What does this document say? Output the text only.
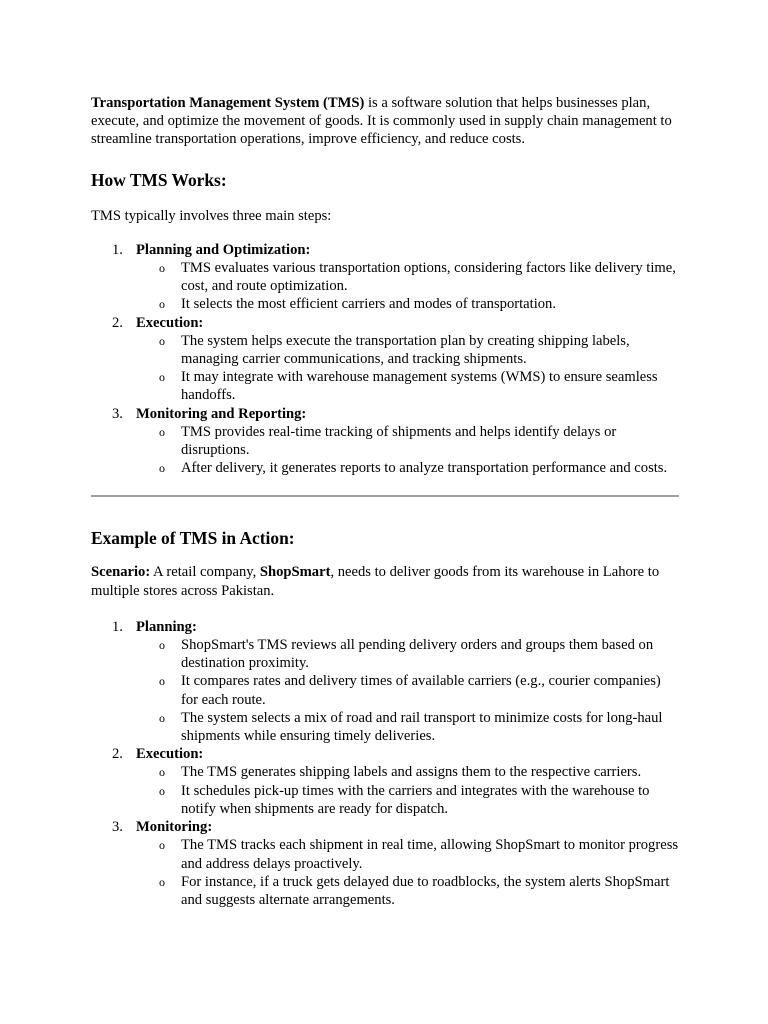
Transportation Management System (TMS) is a software solution that helps businesses plan, execute, and optimize the movement of goods. It is commonly used in supply chain management to streamline transportation operations, improve efficiency, and reduce costs.

How TMS Works:

TMS typically involves three main steps:

1. Planning and Optimization:
o TMS evaluates various transportation options, considering factors like delivery time, cost, and route optimization.
o It selects the most efficient carriers and modes of transportation.
2. Execution:
o The system helps execute the transportation plan by creating shipping labels, managing carrier communications, and tracking shipments.
o It may integrate with warehouse management systems (WMS) to ensure seamless handoffs.
3. Monitoring and Reporting:
o TMS provides real-time tracking of shipments and helps identify delays or disruptions.
o After delivery, it generates reports to analyze transportation performance and costs.
Example of TMS in Action:

Scenario: A retail company, ShopSmart, needs to deliver goods from its warehouse in Lahore to multiple stores across Pakistan.

1. Planning:
o ShopSmart's TMS reviews all pending delivery orders and groups them based on destination proximity.
o It compares rates and delivery times of available carriers (e.g., courier companies) for each route.
o The system selects a mix of road and rail transport to minimize costs for long-haul shipments while ensuring timely deliveries.
2. Execution:
o The TMS generates shipping labels and assigns them to the respective carriers.
o It schedules pick-up times with the carriers and integrates with the warehouse to notify when shipments are ready for dispatch.
3. Monitoring:
o The TMS tracks each shipment in real time, allowing ShopSmart to monitor progress and address delays proactively.
o For instance, if a truck gets delayed due to roadblocks, the system alerts ShopSmart and suggests alternate arrangements.
